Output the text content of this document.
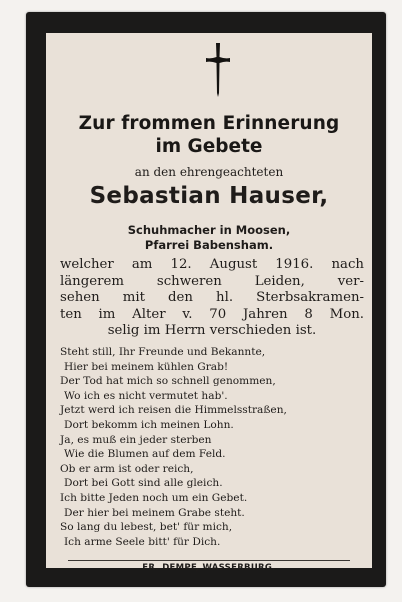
Zur frommen Erinnerung
im Gebete
an den ehrengeachteten
Sebastian Hauser,
Schuhmacher in Moosen,
Pfarrei Babensham.
welcher am 12. August 1916. nach
längerem schweren Leiden, ver-
sehen mit den hl. Sterbsakramen-
ten im Alter v. 70 Jahren 8 Mon.
selig im Herrn verschieden ist.
Steht still, Ihr Freunde und Bekannte,
Hier bei meinem kühlen Grab!
Der Tod hat mich so schnell genommen,
Wo ich es nicht vermutet hab'.
Jetzt werd ich reisen die Himmelsstraßen,
Dort bekomm ich meinen Lohn.
Ja, es muß ein jeder sterben
Wie die Blumen auf dem Feld.
Ob er arm ist oder reich,
Dort bei Gott sind alle gleich.
Ich bitte Jeden noch um ein Gebet.
Der hier bei meinem Grabe steht.
So lang du lebest, bet' für mich,
Ich arme Seele bitt' für Dich.
FR. DEMPF, WASSERBURG.
